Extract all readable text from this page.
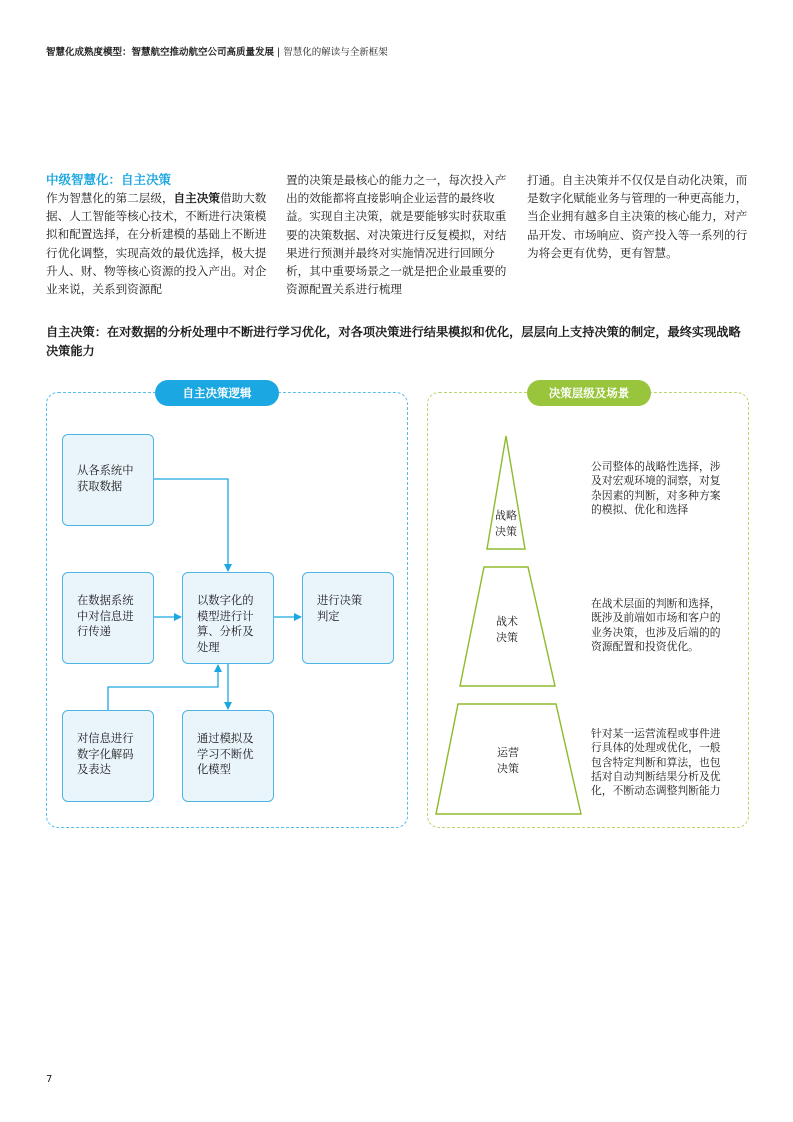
智慧化成熟度模型：智慧航空推动航空公司高质量发展 | 智慧化的解读与全新框架
中级智慧化：自主决策

作为智慧化的第二层级，自主决策借助大数据、人工智能等核心技术，不断进行决策模拟和配置选择，在分析建模的基础上不断进行优化调整，实现高效的最优选择，极大提升人、财、物等核心资源的投入产出。对企业来说，关系到资源配

置的决策是最核心的能力之一，每次投入产出的效能都将直接影响企业运营的最终收益。实现自主决策，就是要能够实时获取重要的决策数据、对决策进行反复模拟，对结果进行预测并最终对实施情况进行回顾分析，其中重要场景之一就是把企业最重要的资源配置关系进行梳理

打通。自主决策并不仅仅是自动化决策，而是数字化赋能业务与管理的一种更高能力，当企业拥有越多自主决策的核心能力，对产品开发、市场响应、资产投入等一系列的行为将会更有优势，更有智慧。

自主决策：在对数据的分析处理中不断进行学习优化，对各项决策进行结果模拟和优化，层层向上支持决策的制定，最终实现战略决策能力
自主决策逻辑	决策层级及场景
从各系统中
获取数据
在数据系统
中对信息进
行传递
以数字化的
模型进行计
算、分析及
处理
进行决策
判定
对信息进行
数字化解码
及表达
通过模拟及
学习不断优
化模型
战略
决策
战术
决策
运营
决策
公司整体的战略性选择，涉
及对宏观环境的洞察，对复
杂因素的判断，对多种方案
的模拟、优化和选择
在战术层面的判断和选择，
既涉及前端如市场和客户的
业务决策，也涉及后端的的
资源配置和投资优化。
针对某一运营流程或事件进
行具体的处理或优化，一般
包含特定判断和算法，也包
括对自动判断结果分析及优
化，不断动态调整判断能力
7
